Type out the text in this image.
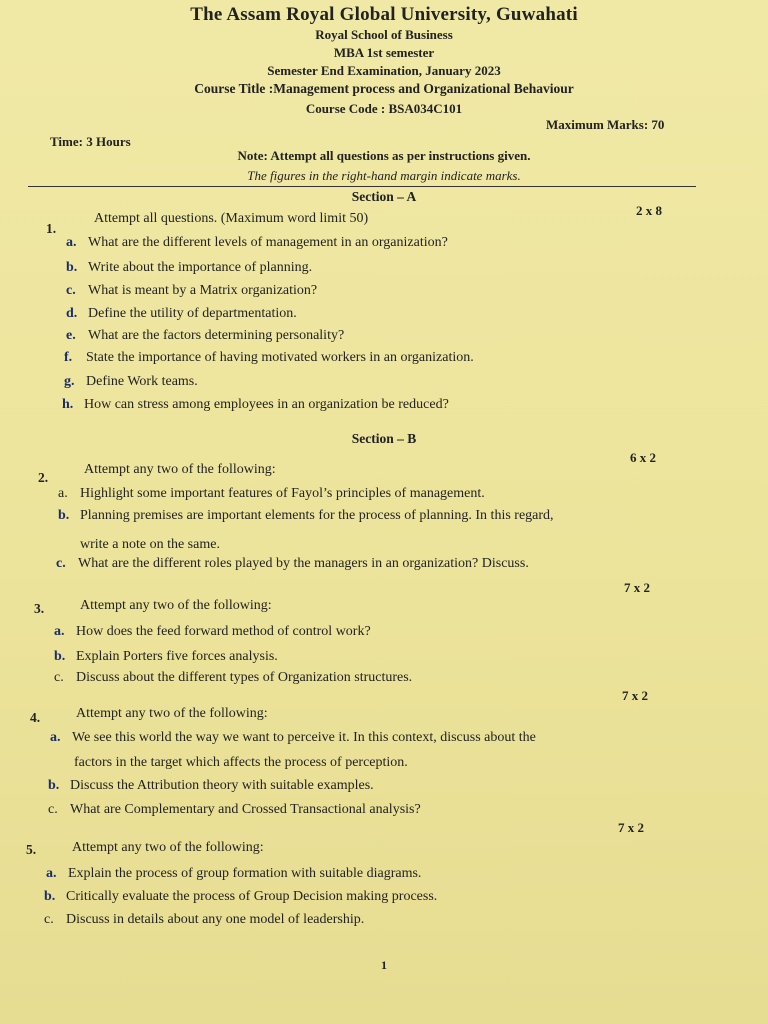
The Assam Royal Global University, Guwahati
Royal School of Business
MBA 1st semester
Semester End Examination, January 2023
Course Title :Management process and Organizational Behaviour
Course Code : BSA034C101
Maximum Marks: 70
Time: 3 Hours
Note: Attempt all questions as per instructions given.
The figures in the right-hand margin indicate marks.
Section – A
1.
Attempt all questions. (Maximum word limit 50)
2 x 8
a. What are the different levels of management in an organization?
b. Write about the importance of planning.
c. What is meant by a Matrix organization?
d. Define the utility of departmentation.
e. What are the factors determining personality?
f. State the importance of having motivated workers in an organization.
g. Define Work teams.
h. How can stress among employees in an organization be reduced?
Section – B
2.
Attempt any two of the following:
6 x 2
a. Highlight some important features of Fayol’s principles of management.
b. Planning premises are important elements for the process of planning. In this regard,
write a note on the same.
c. What are the different roles played by the managers in an organization? Discuss.
3.	Attempt any two of the following:
7 x 2
a. How does the feed forward method of control work?
b. Explain Porters five forces analysis.
c. Discuss about the different types of Organization structures.
4.	Attempt any two of the following:
7 x 2
a. We see this world the way we want to perceive it. In this context, discuss about the
factors in the target which affects the process of perception.
b. Discuss the Attribution theory with suitable examples.
c. What are Complementary and Crossed Transactional analysis?
5.	Attempt any two of the following:
7 x 2
a. Explain the process of group formation with suitable diagrams.
b. Critically evaluate the process of Group Decision making process.
c. Discuss in details about any one model of leadership.
1
